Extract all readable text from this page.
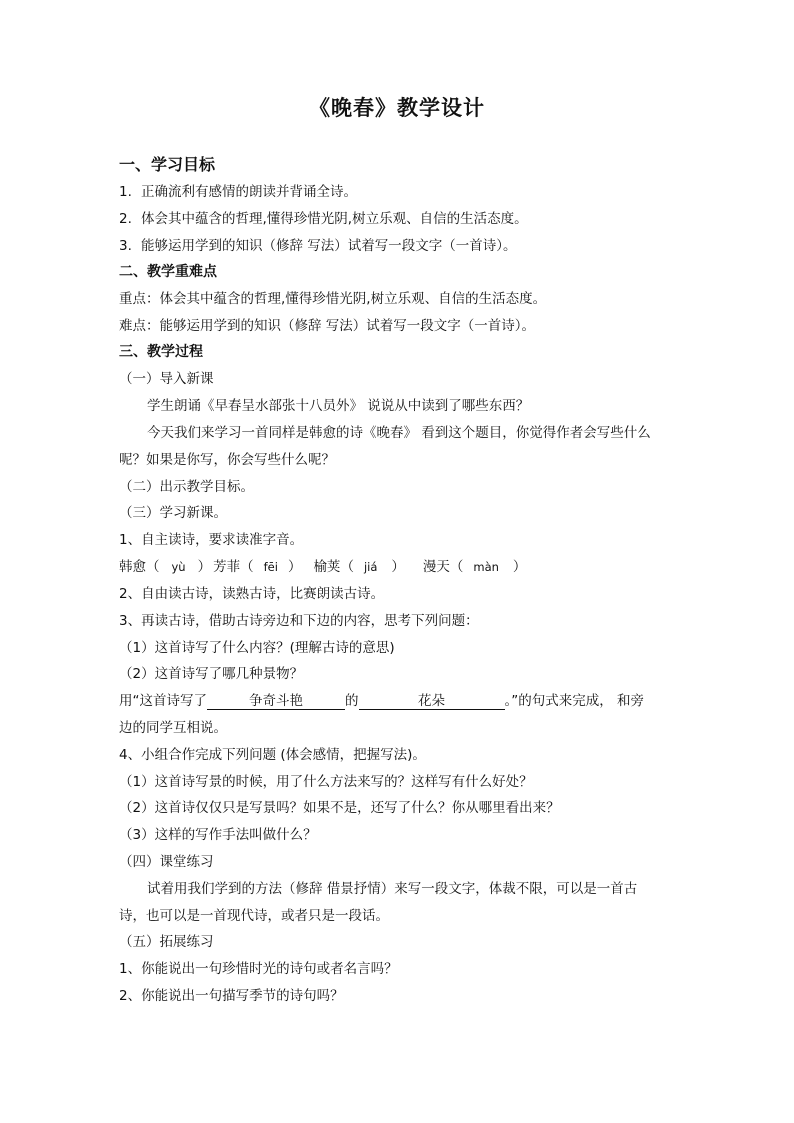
《晚春》教学设计
一、学习目标
1. 正确流利有感情的朗读并背诵全诗。
2. 体会其中蕴含的哲理,懂得珍惜光阴,树立乐观、自信的生活态度。
3. 能够运用学到的知识（修辞 写法）试着写一段文字（一首诗）。
二、教学重难点
重点：体会其中蕴含的哲理,懂得珍惜光阴,树立乐观、自信的生活态度。
难点：能够运用学到的知识（修辞 写法）试着写一段文字（一首诗）。
三、教学过程
（一）导入新课
学生朗诵《早春呈水部张十八员外》 说说从中读到了哪些东西？
今天我们来学习一首同样是韩愈的诗《晚春》 看到这个题目，你觉得作者会写些什么
呢？如果是你写，你会写些什么呢？
（二）出示教学目标。
（三）学习新课。
1、自主读诗，要求读准字音。
韩愈（ yù ） 芳菲（ fēi ） 榆荚（ jiá ） 漫天（ màn ）
2、自由读古诗，读熟古诗，比赛朗读古诗。
3、再读古诗，借助古诗旁边和下边的内容，思考下列问题：
（1）这首诗写了什么内容？(理解古诗的意思)
（2）这首诗写了哪几种景物？
用“这首诗写了	争奇斗艳	的	花朵	。”的句式来完成， 和旁
边的同学互相说。
4、小组合作完成下列问题 (体会感情，把握写法)。
（1）这首诗写景的时候，用了什么方法来写的？这样写有什么好处？
（2）这首诗仅仅只是写景吗？如果不是，还写了什么？你从哪里看出来？
（3）这样的写作手法叫做什么？
（四）课堂练习
试着用我们学到的方法（修辞 借景抒情）来写一段文字，体裁不限，可以是一首古
诗，也可以是一首现代诗，或者只是一段话。
（五）拓展练习
1、你能说出一句珍惜时光的诗句或者名言吗？
2、你能说出一句描写季节的诗句吗？
